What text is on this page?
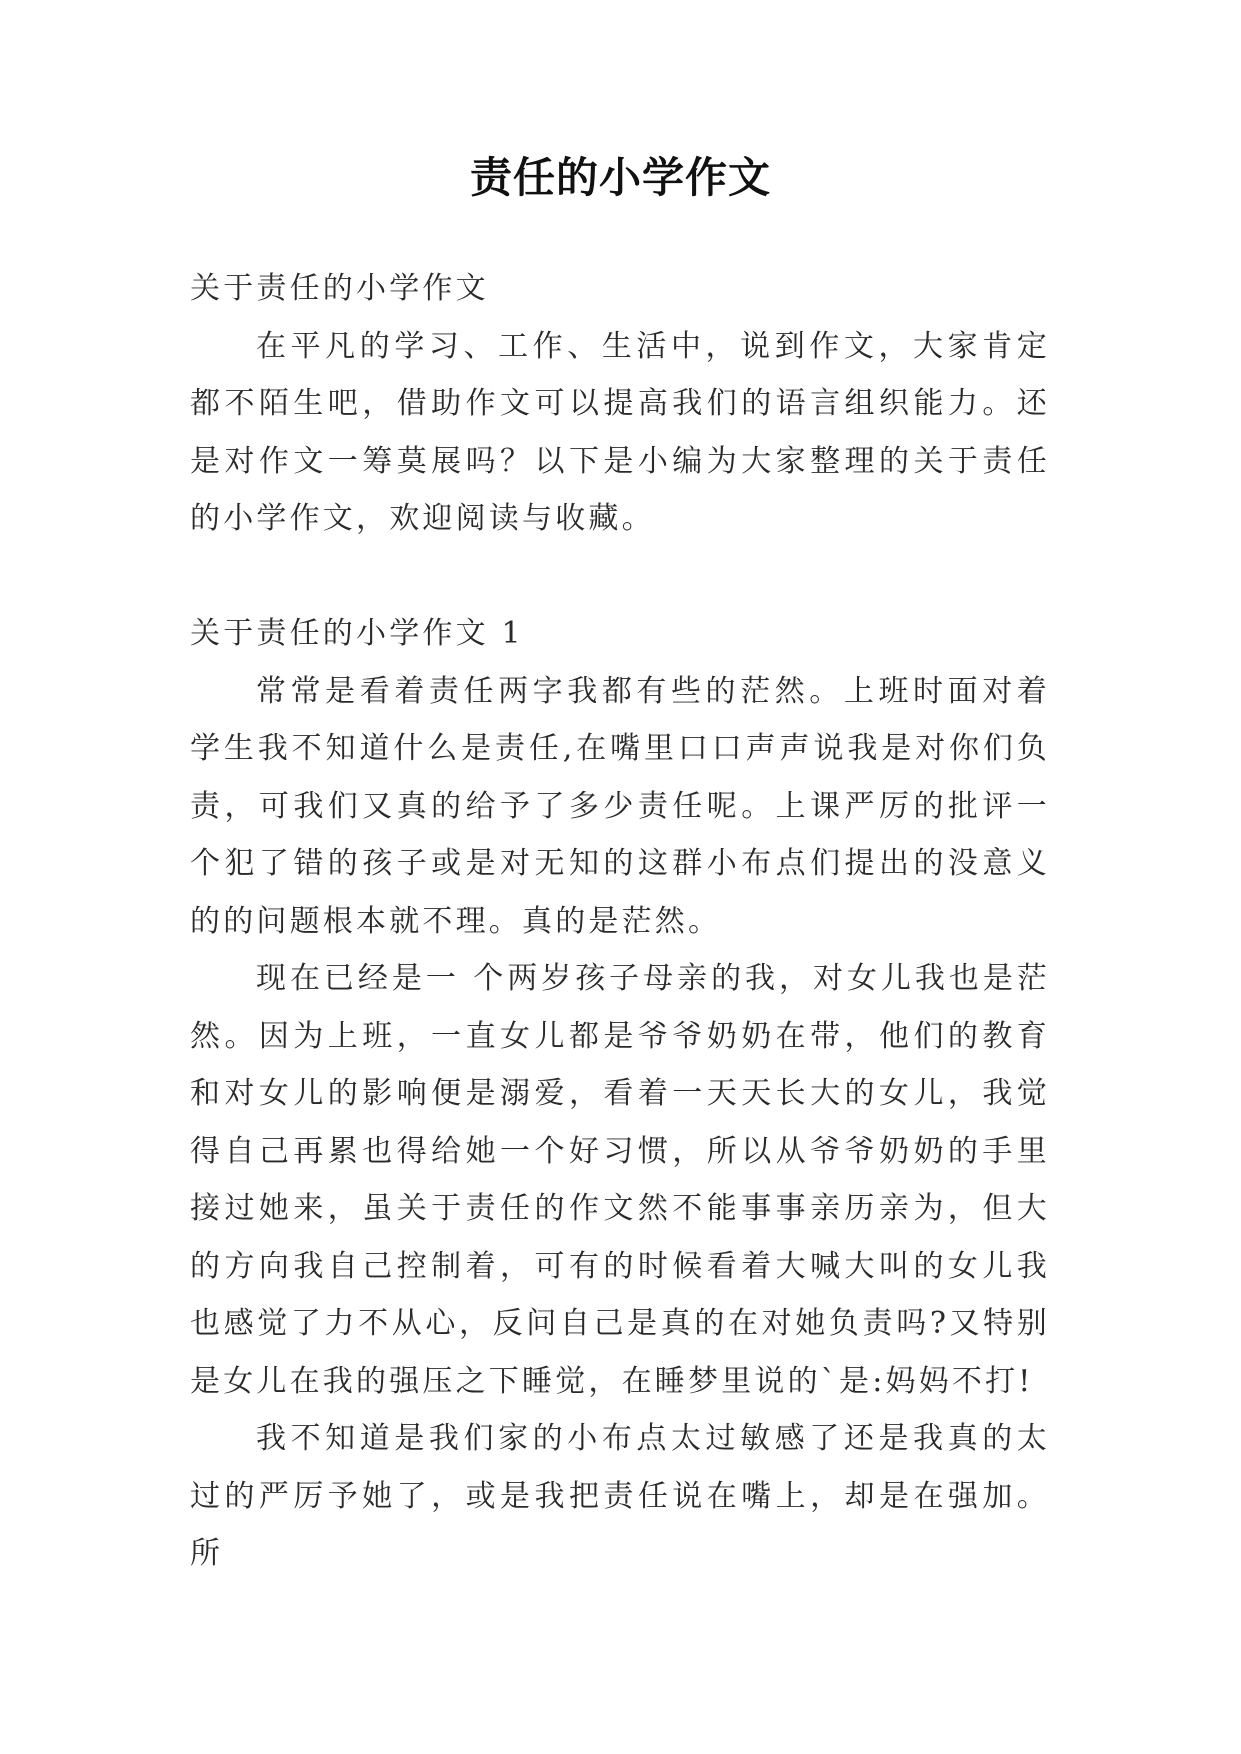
责任的小学作文

关于责任的小学作文

在平凡的学习、工作、生活中，说到作文，大家肯定都不陌生吧，借助作文可以提高我们的语言组织能力。还是对作文一筹莫展吗？以下是小编为大家整理的关于责任的小学作文，欢迎阅读与收藏。

关于责任的小学作文 1

常常是看着责任两字我都有些的茫然。上班时面对着学生我不知道什么是责任,在嘴里口口声声说我是对你们负责，可我们又真的给予了多少责任呢。上课严厉的批评一个犯了错的孩子或是对无知的这群小布点们提出的没意义的的问题根本就不理。真的是茫然。

现在已经是一 个两岁孩子母亲的我，对女儿我也是茫然。因为上班，一直女儿都是爷爷奶奶在带，他们的教育和对女儿的影响便是溺爱，看着一天天长大的女儿，我觉得自己再累也得给她一个好习惯，所以从爷爷奶奶的手里接过她来，虽关于责任的作文然不能事事亲历亲为，但大的方向我自己控制着，可有的时候看着大喊大叫的女儿我也感觉了力不从心，反问自己是真的在对她负责吗?又特别是女儿在我的强压之下睡觉，在睡梦里说的`是:妈妈不打!

我不知道是我们家的小布点太过敏感了还是我真的太过的严厉予她了，或是我把责任说在嘴上，却是在强加。所
